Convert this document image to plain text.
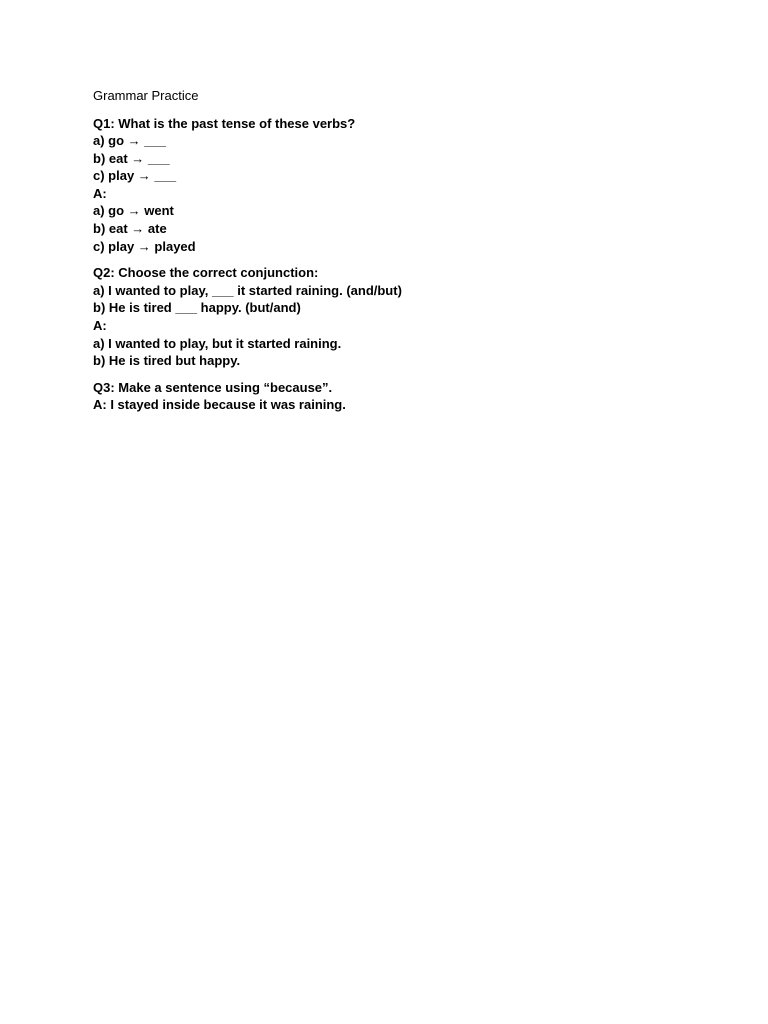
Grammar Practice
Q1: What is the past tense of these verbs?
a) go → ___
b) eat → ___
c) play → ___
A:
a) go → went
b) eat → ate
c) play → played
Q2: Choose the correct conjunction:
a) I wanted to play, ___ it started raining. (and/but)
b) He is tired ___ happy. (but/and)
A:
a) I wanted to play, but it started raining.
b) He is tired but happy.
Q3: Make a sentence using “because”.
A: I stayed inside because it was raining.
